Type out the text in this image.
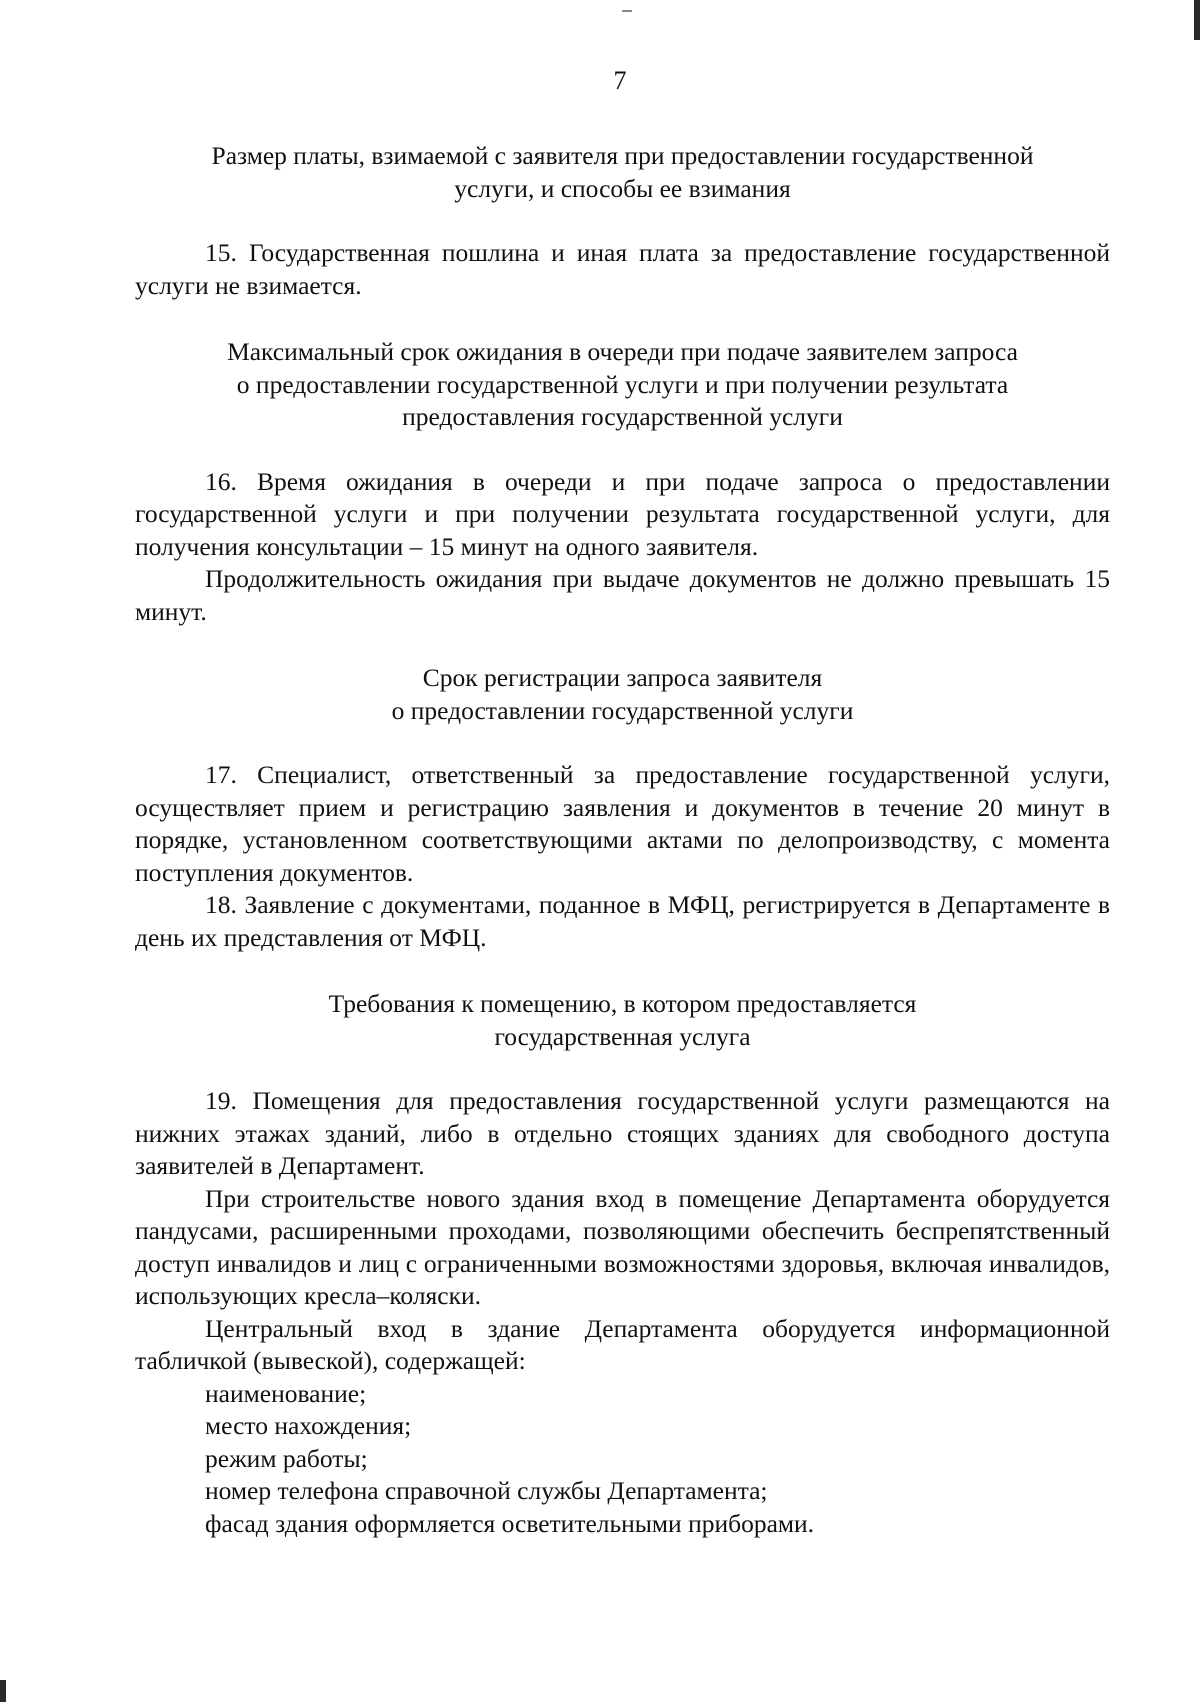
7
Размер платы, взимаемой с заявителя при предоставлении государственной
услуги, и способы ее взимания

15. Государственная пошлина и иная плата за предоставление государственной услуги не взимается.

Максимальный срок ожидания в очереди при подаче заявителем запроса
о предоставлении государственной услуги и при получении результата
предоставления государственной услуги

16. Время ожидания в очереди и при подаче запроса о предоставлении государственной услуги и при получении результата государственной услуги, для получения консультации – 15 минут на одного заявителя.

Продолжительность ожидания при выдаче документов не должно превышать 15 минут.

Срок регистрации запроса заявителя
о предоставлении государственной услуги

17. Специалист, ответственный за предоставление государственной услуги, осуществляет прием и регистрацию заявления и документов в течение 20 минут в порядке, установленном соответствующими актами по делопроизводству, с момента поступления документов.

18. Заявление с документами, поданное в МФЦ, регистрируется в Департаменте в день их представления от МФЦ.

Требования к помещению, в котором предоставляется
государственная услуга

19. Помещения для предоставления государственной услуги размещаются на нижних этажах зданий, либо в отдельно стоящих зданиях для свободного доступа заявителей в Департамент.

При строительстве нового здания вход в помещение Департамента оборудуется пандусами, расширенными проходами, позволяющими обеспечить беспрепятственный доступ инвалидов и лиц с ограниченными возможностями здоровья, включая инвалидов, использующих кресла–коляски.

Центральный вход в здание Департамента оборудуется информационной табличкой (вывеской), содержащей:

наименование;

место нахождения;

режим работы;

номер телефона справочной службы Департамента;

фасад здания оформляется осветительными приборами.
